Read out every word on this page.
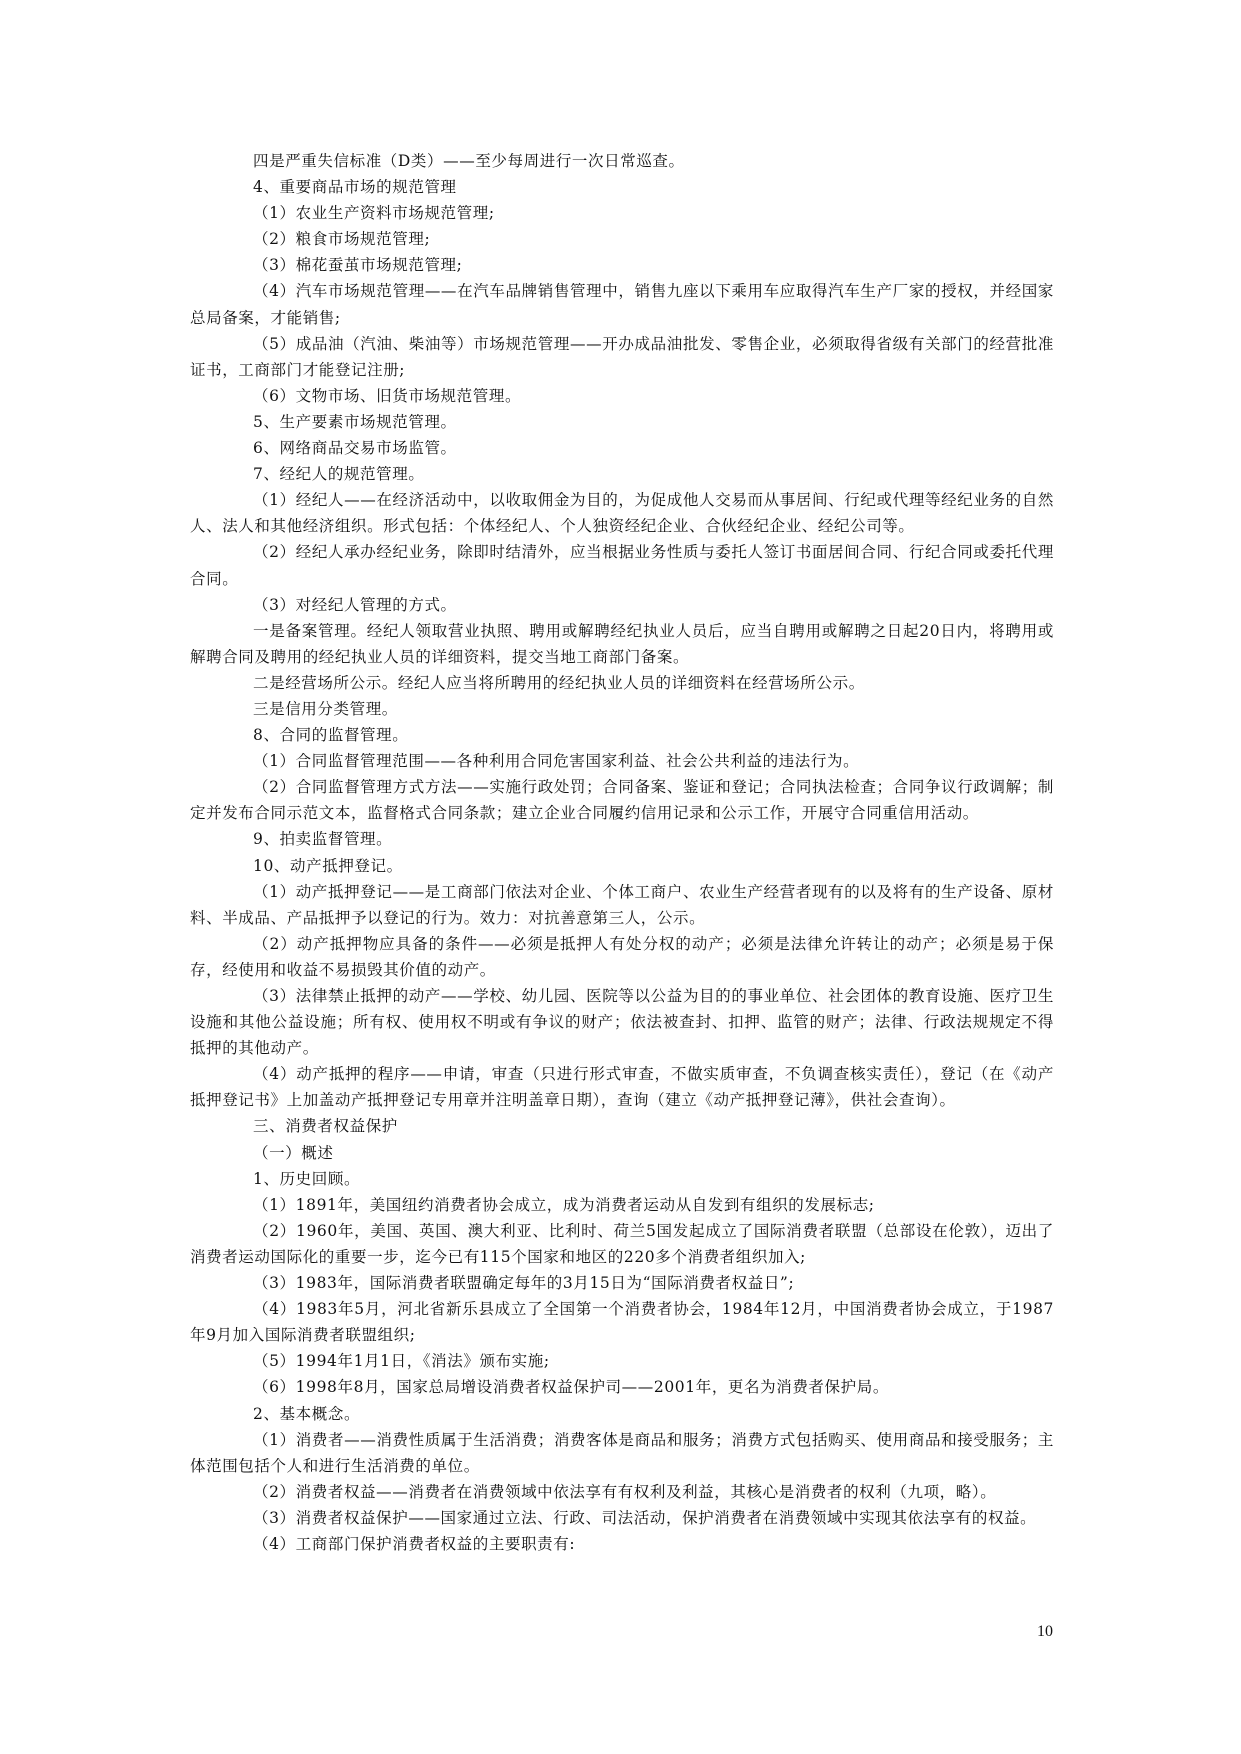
四是严重失信标准（D类）——至少每周进行一次日常巡查。

4、重要商品市场的规范管理

（1）农业生产资料市场规范管理;

（2）粮食市场规范管理;

（3）棉花蚕茧市场规范管理;

（4）汽车市场规范管理——在汽车品牌销售管理中，销售九座以下乘用车应取得汽车生产厂家的授权，并经国家总局备案，才能销售;

（5）成品油（汽油、柴油等）市场规范管理——开办成品油批发、零售企业，必须取得省级有关部门的经营批准证书，工商部门才能登记注册;

（6）文物市场、旧货市场规范管理。

5、生产要素市场规范管理。

6、网络商品交易市场监管。

7、经纪人的规范管理。

（1）经纪人——在经济活动中，以收取佣金为目的，为促成他人交易而从事居间、行纪或代理等经纪业务的自然人、法人和其他经济组织。形式包括：个体经纪人、个人独资经纪企业、合伙经纪企业、经纪公司等。

（2）经纪人承办经纪业务，除即时结清外，应当根据业务性质与委托人签订书面居间合同、行纪合同或委托代理合同。

（3）对经纪人管理的方式。

一是备案管理。经纪人领取营业执照、聘用或解聘经纪执业人员后，应当自聘用或解聘之日起20日内，将聘用或解聘合同及聘用的经纪执业人员的详细资料，提交当地工商部门备案。

二是经营场所公示。经纪人应当将所聘用的经纪执业人员的详细资料在经营场所公示。

三是信用分类管理。

8、合同的监督管理。

（1）合同监督管理范围——各种利用合同危害国家利益、社会公共利益的违法行为。

（2）合同监督管理方式方法——实施行政处罚；合同备案、鉴证和登记；合同执法检查；合同争议行政调解；制定并发布合同示范文本，监督格式合同条款；建立企业合同履约信用记录和公示工作，开展守合同重信用活动。

9、拍卖监督管理。

10、动产抵押登记。

（1）动产抵押登记——是工商部门依法对企业、个体工商户、农业生产经营者现有的以及将有的生产设备、原材料、半成品、产品抵押予以登记的行为。效力：对抗善意第三人，公示。

（2）动产抵押物应具备的条件——必须是抵押人有处分权的动产；必须是法律允许转让的动产；必须是易于保存，经使用和收益不易损毁其价值的动产。

（3）法律禁止抵押的动产——学校、幼儿园、医院等以公益为目的的事业单位、社会团体的教育设施、医疗卫生设施和其他公益设施；所有权、使用权不明或有争议的财产；依法被查封、扣押、监管的财产；法律、行政法规规定不得抵押的其他动产。

（4）动产抵押的程序——申请，审查（只进行形式审查，不做实质审查，不负调查核实责任），登记（在《动产抵押登记书》上加盖动产抵押登记专用章并注明盖章日期），查询（建立《动产抵押登记薄》，供社会查询）。

三、消费者权益保护

（一）概述

1、历史回顾。

（1）1891年，美国纽约消费者协会成立，成为消费者运动从自发到有组织的发展标志;

（2）1960年，美国、英国、澳大利亚、比利时、荷兰5国发起成立了国际消费者联盟（总部设在伦敦），迈出了消费者运动国际化的重要一步，迄今已有115个国家和地区的220多个消费者组织加入;

（3）1983年，国际消费者联盟确定每年的3月15日为“国际消费者权益日”;

（4）1983年5月，河北省新乐县成立了全国第一个消费者协会，1984年12月，中国消费者协会成立，于1987年9月加入国际消费者联盟组织;

（5）1994年1月1日，《消法》颁布实施;

（6）1998年8月，国家总局增设消费者权益保护司——2001年，更名为消费者保护局。

2、基本概念。

（1）消费者——消费性质属于生活消费；消费客体是商品和服务；消费方式包括购买、使用商品和接受服务；主体范围包括个人和进行生活消费的单位。

（2）消费者权益——消费者在消费领域中依法享有有权利及利益，其核心是消费者的权利（九项，略）。

（3）消费者权益保护——国家通过立法、行政、司法活动，保护消费者在消费领域中实现其依法享有的权益。

（4）工商部门保护消费者权益的主要职责有:

10
